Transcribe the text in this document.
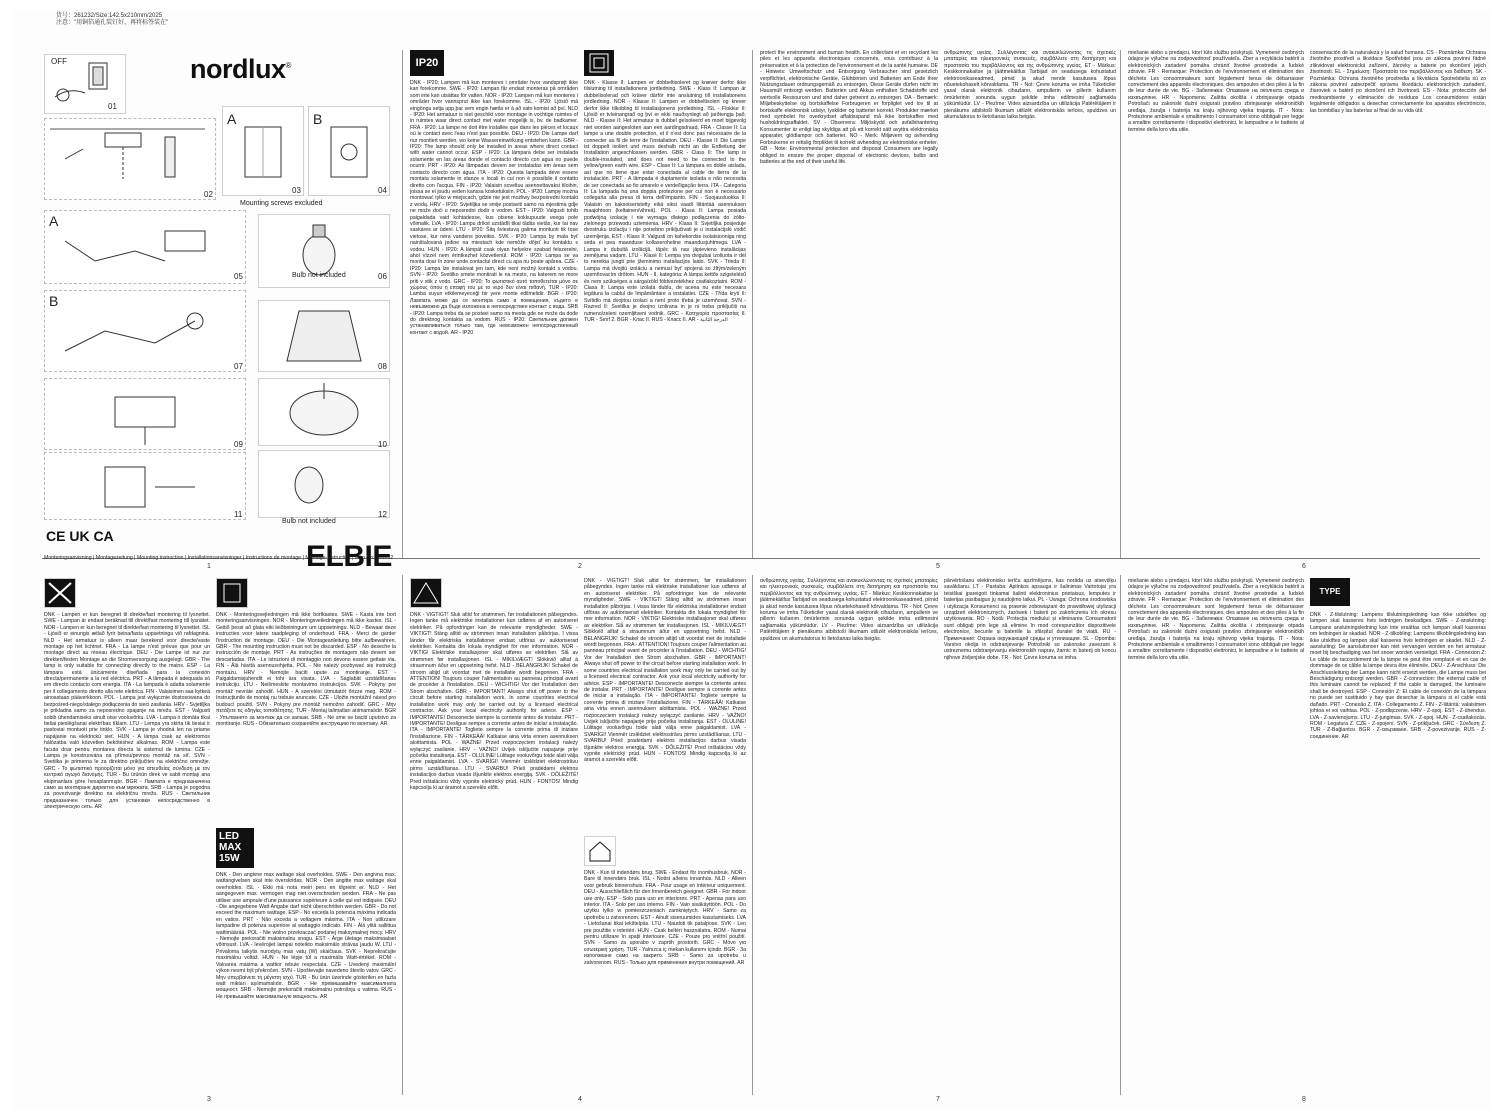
货号：261232/Size:142.5x210mm/2025
注意："用铜箔通孔装钉好，再将标签装在"
nordlux®
OFF
01
02
A	B
03	04
Mounting screws excluded
A
05	Bulb not included	06
B
07	08
09	10
11
Bulb not included
12
CE UK CA
ELBIE
Monteringsanvisning | Montagezeitung | Mounting instruction | Installationsanvisninger | Instructions de montage | Montage-instructies | Item No: 261232
1
IP20
DNK - IP20: Lampen må kun monteres i områder hvor vandsprøjt ikke kan forekomme. SWE - IP20: Lampan får endast monteras på områden som inte kan utsättas för vatten. NOR - IP20: Lampen må kun monteres i områder hvor vannsprut ikke kan forekomme. ISL - IP20: Ljósið má eingöngu setja upp þar sem engin hætta er á að vatn komist að því. NLD - IP20: Het armatuur is niet geschikt voor montage in vochtige ruimtes of in ruimtes waar direct contact met water mogelijk is, bv. de badkamer. FRA - IP20: La lampe ne doit être installée que dans les pièces et locaux où le contact avec l'eau n'est pas possible. DEU - IP20: Die Lampe darf nur montiert werden, wo keine Wassereinwirkung entstehen kann. GBR - IP20: The lamp should only be installed in areas where direct contact with water cannot occur. ESP - IP20: La lámpara debe ser instalada solamente en las áreas donde el contacto directo con agua no puede ocurrir. PRT - IP20: As lâmpadas devem ser instaladas em áreas sem contacto directo com água. ITA - IP20: Questa lampada deve essere montata solamente in stanze e locali in cui non è possibile il contatto diretto con l'acqua. FIN - IP20: Valaisin soveltuu asennettavaksi tiloihin, joissa se ei joudu veden kanssa kosketuksiin. POL - IP20: Lampę można montować tylko w miejscach, gdzie nie jest możliwy bezpośredni kontakt z wodą. HRV - IP20: Svjetiljka se smije postaviti samo na mjestima gdje ne može doći u neposredni dodir s vodom. EST - IP20: Valgusti tohib paigaldada vaid kohtadesse, kus otsene kokkupuude veega pole võimalik. LVA - IP20: Lampu drīkst uzstādīt tikai tādās vietās, kur tai nav saskares ar ūdeni. LTU - IP20: Šitą šviestuvą galima montuoti tik tose vietose, kur nėra vandens poveikio. SVK - IP20: Lampa by mala byť nainštalovaná jedine na miestach kde nemôže dôjsť ku kontaktu s vodou. HUN - IP20: A lámpát csak olyan helyekre szabad felszerelni, ahol vízzel nem érintkezhet közvetlenül. ROM - IP20: Lampa se va monta doar în zone unde contactul direct cu apa nu poate apărea. CZE - IP20: Lampa lze instalovat jen tam, kde není možný kontakt s vodou. SVN - IP20: Svetilko smete montirati le na mesto, na katerem ne more priti v stik z vodo. GRC - IP20: Το φωτιστικό αυτό τοποθετείται μόνο σε χώρους όπου η επαφή του με το νερό δεν είναι πιθανή. TUR - IP20: Lamba suyun etkilemeyeceği bir yere monte edilmelidir. BGR - IP20: Лампата може да се монтира само в помещения, където е невъзможно да бъде изложена в непосредствен контакт с вода. SRB - IP20: Lampa treba da se postavi samo na mesta gde ne može da dođe do direktnog kontakta sa vodom. RUS - IP20: Светильник должен устанавливаться только там, где невозможен непосредственный контакт с водой. AR - IP20
DNK - Klasse II: Lampen er dobbeltisoleret og kræver derfor ikke tilslutning til installationens jordledning. SWE - Klass II: Lampan är dubbelisolerad och kräver därför inte anslutning till installationens jordledning. NOR - Klasse II: Lampen er dobbeltisolert og krever derfor ikke tilkobling til installasjonens jordledning. ISL - Flokkur II: Ljósið er tvíeinangrað og því er ekki nauðsynlegt að jarðtengja það. NLD - Klasse II: Het armatuur is dubbel geïsoleerd en moet bijgevolg niet worden aangesloten aan een aardingsdraad. FRA - Classe II: La lampe a une double protection, et il n'est donc pas nécessaire de la connecter au fil de terre de l'installation. DEU - Klasse II: Die Lampe ist doppelt isoliert und muss deshalb nicht an die Erdleitung der Installation angeschlossen werden. GBR - Class II: The lamp is double-insulated, and does not need to be connected to the yellow/green earth wire. ESP - Clase II: La lámpara es doble aislada, así que no tiene que estar conectada al cable de tierra de la instalación. PRT - A lâmpada é duplamente isolada e não necessita de ser conectada ao fio amarelo e verde/ligação terra. ITA - Categoria II: La lampada ha una doppia protezione per cui non è necessario collegarla alla presa di terra dell'impianto. FIN - Suojausluokka II: Valaisin on kaksoiseristetty eikä siksi vaadi liitäntää asennuksen maajohtoon (keltainen/vihreä). POL - Klasa II: Lampa posiada podwójną izolację i nie wymaga dlatego podłączenia do żółto-zielonego przewodu uziemienia. HRV - Klasa II: Svjetiljka posjeduje dvostruku izolaciju i nije potrebno priključivati je u instalacijski vodič uzemljenja. EST - Klass II: Valgusti on kahekordse isolatsiooniga ning seda ei pea maanduse kollaseroheline maandusjuhtmega. LVA - Lampa ir dubultā izolācijā, tāpēc tā nav jāpievieno instalācijas zemējuma vadam. LTU - Klasė II: Lempa yra dvigubai izoliuota ir dėl to nereikia jungti prie įžeminimo instaliacijos laido. SVK - Trieda II: Lampa má dvojitú izoláciu a nemusí byť spojená so žltým/zeleným uzemňovacím drôtom. HUN - II. kategória: A lámpa kettős szigetelésű és nem szükséges a sárga/zöld földvezetékhez csatlakoztatni. ROM - Clasa II: Lampa este izolata dublu, de aceea nu este necesara legătura la cablul de împământare a instalatiei. CZE - Třída krytí II: Svítidlo má dvojitou izolaci a není proto třeba je uzemňovat. SVN - Razred II: Svetilka je dvojno izolirana in je ni treba priključiti na rumeno/zeleni ozemljitveni vodnik. GRC - Κατηγορία προστασίας II. TUR - Sınıf 2. BGR - Клас II. RUS - Класс II. AR - الدرجة الثانية
2
protect the environment and human health. En collectant et en recyclant les piles et les appareils électroniques concernés, vous contribuez à la préservation et à la protection de l'environnement et de la santé humaine. DE - Hinweis: Umweltschutz und Entsorgung Verbraucher sind gesetzlich verpflichtet, elektronische Geräte, Glühbirnen und Batterien am Ende ihrer Nutzungsdauer ordnungsgemäß zu entsorgen. Diese Geräte dürfen nicht im Hausmüll entsorgt werden. Batterien und Akkus enthalten Schadstoffe und wertvolle Ressourcen und sind daher getrennt zu entsorgen. DA - Bemærk: Miljøbeskyttelse og bortskaffelse Forbrugeren er forpligtet ved lov til at bortskaffe elektronisk udstyr, lyskilder og batterier korrekt. Produkter mærket med symbolet for overkrydset affaldsspand må ikke bortskaffes med husholdningsaffaldet. SV - Observera: Miljöskydd och avfallshantering Konsumenter är enligt lag skyldiga att på ett korrekt sätt avyttra elektroniska apparater, glödlampor och batterier. NO - Merk: Miljøvern og avhending Forbrukerne er rettslig forpliktet til korrekt avhending av elektroniske enheter. GB - Note: Environmental protection and disposal Consumers are legally obliged to ensure the proper disposal of electronic devices, bulbs and batteries at the end of their useful life.
ανθρώπινης υγείας. Συλλέγοντας και ανακυκλώνοντας τις σχετικές μπαταρίες και ηλεκτρονικές συσκευές, συμβάλλετε στη διατήρηση και προστασία του περιβάλλοντος και της ανθρώπινης υγείας. ET - Märkus: Keskkonnakaitse ja jäätmekäitlus Tarbijad on seadusega kohustatud elektroonikaseadmed, pirnid ja akud nende kasutusea lõpus nõuetekohaselt kõrvaldama. TR - Not: Çevre koruma ve imha Tüketiciler yasal olarak elektronik cihazların, ampullerin ve pillerin kullanım ömürlerinin sonunda uygun şekilde imha edilmesini sağlamakla yükümlüdür. LV - Piezīme: Vides aizsardzība un utilizācija Patērētājiem ir pienākums atbilstoši likumam utilizēt elektroniskās ierīces, spuldzes un akumulatorus to lietošanas laika beigās.
5
miešanie alebo u predajcu, ktorí túto službu poskytujú. Vymenené osobných údajov je výlučne na zodpovednosť používateľa. Zber a recyklácia batérií a elektronických zariadení pomáha chrániť životné prostredie a ľudské zdravie. FR - Remarque: Protection de l'environnement et élimination des déchets Les consommateurs sont légalement tenus de débarrasser correctement des appareils électroniques, des ampoules et des piles à la fin de leur durée de vie. BG - Забележка: Опазване на околната среда и изхвърляне. HR - Napomena: Zaštita okoliša i zbrinjavanje otpada Potrošači su zakonski dužni osigurati pravilno zbrinjavanje elektroničkih uređaja, žarulja i baterija na kraju njihovog vijeka trajanja. IT - Nota: Protezione ambientale e smaltimento I consumatori sono obbligati per legge a smaltire correttamente i dispositivi elettronici, le lampadine e le batterie al termine della loro vita utile.
conservación de la naturaleza y la salud humana. CS - Poznámka: Ochrana životního prostředí a likvidace Spotřebitel jsou ze zákona povinni řádně zlikvidovat elektronická zařízení, žárovky a baterie po skončení jejich životnosti. EL - Σημείωση: Προστασία του περιβάλλοντος και διάθεση. SK - Poznámka: Ochrana životného prostredia a likvidácia Spotrebitelia sú zo zákona povinní zabezpečiť správnu likvidáciu elektronických zariadení, žiaroviek a batérií po skončení ich životnosti. ES - Nota: protección del medioambiente y eliminación de residuos Los consumidores están legalmente obligados a desechar correctamente los aparatos electrónicos, las bombillas y las baterías al final de su vida útil.
6
DNK - Lampen er kun beregnet til direkte/fast montering til lysnettet. SWE - Lampan är endast beräknad till direkt/fast montering till lysnätet. NOR - Lampen er kun beregnet til direkte/fast montering til lysnettet. ISL - Ljósið er einungis ætlað fyrir beina/fasta uppsetningu við rafdagnina. NLD - Het armatuur is alleen maar berekend voor directe/vaste montage op het lichtnet. FRA - La lampe n'est prévue que pour un montage direct au réseau électrique. DEU - Die Lampe ist nur zur direkten/festen Montage an die Stromversorgung ausgelegt. GBR - The lamp is only suitable for connecting directly to the mains. ESP - La lámpara está únicamente diseñada para la conexión directa/permanente a la red eléctrica. PRT - A lâmpada é adequada só em directo contacto com energia. ITA - La lampada è adatta solamente per il collegamento diretto alla rete elettrica. FIN - Valaisimen saa kytkeä ainoastaan pääverkkoon. POL - Lampa jest wyłącznie dostosowana do bezpośred-niego/stałego podłączenia do sieci zasilania. HRV - Svjetiljka je prikladna samo za neposredno spajanje na mrežu. EST - Valgusti sobib ühendamiseks ainult otse vooluvõrku. LVA - Lampa ir domāta tikai tiešai pieslēgšanai elektrības tīklam. LTU - Lempa yra skirta tik tiesiai ir pastoviai montuoti prie tinklo. SVK - Lampa je vhodná len na priame napájanie na elektrickú sieť. HUN - A lámpa csak az elektromos hálózatba való közvetlen bekötéshez alkalmas. ROM - Lampa este facuta doar pentru montarea directa la sistemul de lumina. CZE - Lampa je konstruována na přímou/pevnou montáž na síť. SVN - Svetilka je primerna le za direktno priključitev na električno omrežje. GRC - Το φωτιστικό προορίζεται μόνο για απευθείας σύνδεση με τον κεντρικό αγωγό διανομής. TUR - Bu ürünün direk ve sabit montajı ana ekipmanlara göre hesaplanmıştır. BGR - Лампата е предназначена само за монтиране директно към мрежата. SRB - Lampa je pogodna za povezivanje direktno na električnu mrežu. RUS - Светильник предназначен только для установки непосредственно в электрическую сеть. AR
DNK - Monteringsvejledningen må ikke bortkastes. SWE - Kasta inte bort monteringsanvisningen. NOR - Monteringsveiledningen må ikke kastes. ISL - Geitið þessi að glata eiki leiðbeiningum um uppsetningu. NLD - Bewaar deze instructies voor latere raadpleging of onderhoud. FRA - Merci de garder l'instruction de montage. DEU - Die Montageanleitung bitte aufbewahren. GBR - The mounting instruction must not be discarded. ESP - No deseche la instrucción de montaje. PRT - As instruções de montagem não devem ser descartadas. ITA - Le istruzioni di montaggio non devono essere gettate via. FIN - Älä hävitä asennusohjetta. POL - Nie należy pozbywać się instrukcji montażu. HRV - Nemojte baciti upute za montiranje. EST - Paigaldamisjuhendit ei tohi ära visata. LVA - Saglabāt uzstādīšanas instrukciju. LTU - Neišmeskite montavimo instrukcijos. SVK - Pokyny pre montáž nevráte zahodiť. HUN - A szerelési útmutatót őrizze meg. ROM - Instrucțiunile de montaj nu trebuie aruncate. CZE - Uložte montážní návod pro budoucí použití. SVN - Pokyny pre montáž nemožno zahodiť. GRC - Μην πετάξετε τις οδηγίες τοποθέτησης. TUR - Montaj talimatları atılmamalıdır. BGR - Упътването за монтаж да се запази. SRB - Ne sme se baciti uputstvo za montiranje. RUS - Обязательно сохраняйте инструкцию по монтажу. AR
LED MAX 15W
DNK - Den angivne max wattage skal overholdes. SWE - Den angivna max. wattangivelsen skal inte överskridas. NOR - Den angitte max wattage skal overholdes. ISL - Ekki má nota meiri peru en tilgreint er. NLD - Het aangegeven max. vermogen mag niet overschreden worden. FRA - Ne pas utiliser une ampoule d'une puissance supérieure à celle qui est indiquée. DEU - Die angegebene Watt Angabe darf nicht überschritten werden. GBR - Do not exceed the maximum wattage. ESP - No exceda la potencia máxima indicada en vatios. PRT - Não exceda a voltagem máxima. ITA - Non utilizzare lampadine di potenza superiore al wattaggio indicato. FIN - Älä ylitä sallittua wattimäärää. POL - Nie wolno przekraczać podanej maksymalnej mocy. HRV - Nemojte prekoračiti maksimalnu snagu. EST - Ärge ületage maksimaalset võimsust. LVA - Ievērojiet lampai noteikto maksimālo strāvas jaudu W. LTU - Privaloma laikytis nurodytų max vatų (W) skaičiaus. SVK - Neprekračujte maximálnu voltáž. HUN - Ne lépje túl a maximális Watt-értéket. ROM - Valoarea maxima a wattior rebuie respectata. CZE - Uvedený maximální výkon nesmí být překročen. SVN - Upoštevajte navedeno število vatov. GRC - Μην υπερβαίνετε τη μέγιστη ισχύ. TUR - Bu ürün üzerinde gösterilen en fazla watt miktarı aşılmamalıdır. BGR - Не превишавайте максималната мощност. SRB - Nemojte prekoračiti maksimalnu potrošnju u vatima. RUS - Не превышайте максимальную мощность. AR
3
DNK - VIGTIGT! Sluk altid for strømmen, før installationen påbegyndes. Ingen tanke må elektriske installationer kun udføres af en autoriseret elektriker. På opfordringer kan de relevante myndigheder. SWE - VIKTIGT! Stäng alltid av strömmen innan installation påbörjas. I vissa länder får elektriska installationer endast utföras av auktoriserad elektriker. Kontakta din lokala myndighet för mer information. NOR - VIKTIG! Elektriske installasjoner skal utføres av elektriker. Slå av strømmen før installasjonen. ISL - MIKILVÆGT! Slökkvið alltaf á straumnum áður en uppsetning hefst. NLD - BELANGRIJK! Schakel de stroom altijd uit voordat met de installatie wordt begonnen. FRA - ATTENTION! Toujours couper l'alimentation au panneau principal avant de procéder à l'installation. DEU - WICHTIG! Vor der Installation den Strom abschalten. GBR - IMPORTANT! Always shut off power to the circuit before starting installation work. In some countries electrical installation work may only be carried out by a licensed electrical contractor. Ask your local electricity authority for advice. ESP - IMPORTANTE! Desconecte siempre la corriente antes de instalar. PRT - IMPORTANTE! Desligue sempre a corrente antes de iniciar a instalação. ITA - IMPORTANTE! Togliete sempre la corrente prima di iniziare l'installazione. FIN - TÄRKEÄÄ! Katkaise aina virta ennen asennuksen aloittamista. POL - WAŻNE! Przed rozpoczęciem instalacji należy wyłączyć zasilanie. HRV - VAŽNO! Uvijek isključite napajanje prije početka instaliranja. EST - OLULINE! Lülitage vooluvõrgu toide alati välja enne paigaldamist. LVA - SVARĪGI! Vienmēr izslēdziet elektrostrāvu pirms uzstādīšanas. LTU - SVARBU! Prieš pradėdami elektros instaliacijos darbus visada išjunkite elektros energiją. SVK - DÔLEŽITÉ! Pred inštaláciou vždy vypnite elektrický prúd. HUN - FONTOS! Mindig kapcsolja ki az áramot a szerelés előtt.
DNK - VIGTIGT! Sluk altid for strømmen, før installationen påbegyndes. Ingen tanke må elektriske installationer kun udføres af en autoriseret elektriker. På opfordringer kan de relevante myndigheder. SWE - VIKTIGT! Stäng alltid av strömmen innan installation påbörjas. I vissa länder får elektriska installationer endast utföras av auktoriserad elektriker. Kontakta din lokala myndighet för mer information. NOR - VIKTIG! Elektriske installasjoner skal utføres av elektriker. Slå av strømmen før installasjonen. ISL - MIKILVÆGT! Slökkvið alltaf á straumnum áður en uppsetning hefst. NLD - BELANGRIJK! Schakel de stroom altijd uit voordat met de installatie wordt begonnen. FRA - ATTENTION! Toujours couper l'alimentation au panneau principal avant de procéder à l'installation. DEU - WICHTIG! Vor der Installation den Strom abschalten. GBR - IMPORTANT! Always shut off power to the circuit before starting installation work. In some countries electrical installation work may only be carried out by a licensed electrical contractor. Ask your local electricity authority for advice. ESP - IMPORTANTE! Desconecte siempre la corriente antes de instalar. PRT - IMPORTANTE! Desligue sempre a corrente antes de iniciar a instalação. ITA - IMPORTANTE! Togliete sempre la corrente prima di iniziare l'installazione. FIN - TÄRKEÄÄ! Katkaise aina virta ennen asennuksen aloittamista. POL - WAŻNE! Przed rozpoczęciem instalacji należy wyłączyć zasilanie. HRV - VAŽNO! Uvijek isključite napajanje prije početka instaliranja. EST - OLULINE! Lülitage vooluvõrgu toide alati välja enne paigaldamist. LVA - SVARĪGI! Vienmēr izslēdziet elektrostrāvu pirms uzstādīšanas. LTU - SVARBU! Prieš pradėdami elektros instaliacijos darbus visada išjunkite elektros energiją. SVK - DÔLEŽITÉ! Pred inštaláciou vždy vypnite elektrický prúd. HUN - FONTOS! Mindig kapcsolja ki az áramot a szerelés előtt.
DNK - Kun til indendørs brug. SWE - Endast för inomhusbruk. NOR - Bare til innendørs bruk. ISL - Notist aðeins innanhús. NLD - Alleen voor gebruik binnenshuis. FRA - Pour usage en intérieur uniquement. DEU - Ausschließlich für den Innenbereich geeignet. GBR - For indoor use only. ESP - Solo para uso en interiores. PRT - Apenas para uso interior. ITA - Solo per uso interno. FIN - Vain sisäkäyttöön. POL - Do użytku tylko w pomieszczeniach zamkniętych. HRV - Samo za upotrebu u zatvorenom. EST - Ainult siseruumides kasutamiseks. LVA - Lietošanai tikai iekštelpās. LTU - Naudoti tik patalpose. SVK - Len pre použitie v interiéri. HUN - Csak beltéri használatra. ROM - Numai pentru utilizare în spații interioare. CZE - Pouze pro vnitřní použití. SVN - Samo za uporabo v zaprtih prostorih. GRC - Μόνο για εσωτερική χρήση. TUR - Yalnızca iç mekan kullanımı içindir. BGR - За използване само на закрито. SRB - Samo za upotrebu u zatvorenom. RUS - Только для применения внутри помещений. AR
4
ανθρώπινης υγείας. Συλλέγοντας και ανακυκλώνοντας τις σχετικές μπαταρίες και ηλεκτρονικές συσκευές, συμβάλλετε στη διατήρηση και προστασία του περιβάλλοντος και της ανθρώπινης υγείας. ET - Märkus: Keskkonnakaitse ja jäätmekäitlus Tarbijad on seadusega kohustatud elektroonikaseadmed, pirnid ja akud nende kasutusea lõpus nõuetekohaselt kõrvaldama. TR - Not: Çevre koruma ve imha Tüketiciler yasal olarak elektronik cihazların, ampullerin ve pillerin kullanım ömürlerinin sonunda uygun şekilde imha edilmesini sağlamakla yükümlüdür. LV - Piezīme: Vides aizsardzība un utilizācija Patērētājiem ir pienākums atbilstoši likumam utilizēt elektroniskās ierīces, spuldzes un akumulatorus to lietošanas laika beigās.
pārvērtošanu elektronisku ierīču apzīmējums, kas norāda uz atsevišķu savākšanu. LT - Pastaba: Aplinkos apsauga ir šalinimas Vartotojai yra teisiškai įpareigoti tinkamai šalinti elektroninius prietaisus, lemputes ir baterijas pasibaigus jų naudojimo laikui. PL - Uwaga: Ochrona środowiska i utylizacja Konsumenci są prawnie zobowiązani do prawidłowej utylizacji urządzeń elektronicznych, żarówek i baterii po zakończeniu ich okresu użytkowania. RO - Notă: Protecția mediului și eliminarea Consumatorii sunt obligați prin lege să elimine în mod corespunzător dispozitivele electronice, becurile și bateriile la sfârșitul duratei de viață. RU - Примечание: Охрана окружающей среды и утилизация. SL - Opomba: Varstvo okolja in odstranjevanje Potrošniki so zakonsko zavezani k ustreznemu odstranjevanju elektronskih naprav, žarnic in baterij ob koncu njihove življenjske dobe. TR - Not: Çevre koruma ve imha.
7
miešanie alebo u predajcu, ktorí túto službu poskytujú. Vymenené osobných údajov je výlučne na zodpovednosť používateľa. Zber a recyklácia batérií a elektronických zariadení pomáha chrániť životné prostredie a ľudské zdravie. FR - Remarque: Protection de l'environnement et élimination des déchets Les consommateurs sont légalement tenus de débarrasser correctement des appareils électroniques, des ampoules et des piles à la fin de leur durée de vie. BG - Забележка: Опазване на околната среда и изхвърляне. HR - Napomena: Zaštita okoliša i zbrinjavanje otpada Potrošači su zakonski dužni osigurati pravilno zbrinjavanje elektroničkih uređaja, žarulja i baterija na kraju njihovog vijeka trajanja. IT - Nota: Protezione ambientale e smaltimento I consumatori sono obbligati per legge a smaltire correttamente i dispositivi elettronici, le lampadine e le batterie al termine della loro vita utile.
TYPE
DNK - Z-tilslutning: Lampens tilslutningsledning kan ikke udskiftes og lampen skal kasseres hvis ledningen beskadiges. SWE - Z-anslutning: Lampans anslutningsledning kan inte ersättas och lampan skall kasseras om ledningen är skadad. NOR - Z-tilkobling: Lampens tilkoblingsledning kan ikke utskiftes og lampen skal kasseres hvis ledningen er skadet. NLD - Z-aansluiting: De aansluitsnoer kan niet vervangen worden en het armatuur moet bij beschadiging van het snoer worden vernietigd. FRA - Connexion Z: Le câble de raccordement de la lampe ne peut être remplacé et en cas de dommage de ce câble la lampe devra être éliminée. DEU - Z-Anschluss: Die Anschlussleitung der Lampe kann nicht ersetzt werden, die Lampe muss bei Beschädigung entsorgt werden. GBR - Z-connection: the external cable of this luminaire cannot be replaced; if the cable is damaged, the luminaire shall be destroyed. ESP - Conexión Z: El cable de conexión de la lámpara no puede ser sustituido y hay que desechar la lámpara si el cable está dañado. PRT - Conexão Z. ITA - Collegamento Z. FIN - Z-liitäntä: valaisimen johtoa ei voi vaihtaa. POL - Z-podłączenie. HRV - Z-spoj. EST - Z-ühendus. LVA - Z-savienojums. LTU - Z-jungimas. SVK - Z-spoj. HUN - Z-csatlakozás. ROM - Legatura Z. CZE - Z-spojení. SVN - Z-priključek. GRC - Σύνδεση Z. TUR - Z-Bağlantısı. BGR - Z-свързване. SRB - Z-povezivanje. RUS - Z-соединение. AR
8
